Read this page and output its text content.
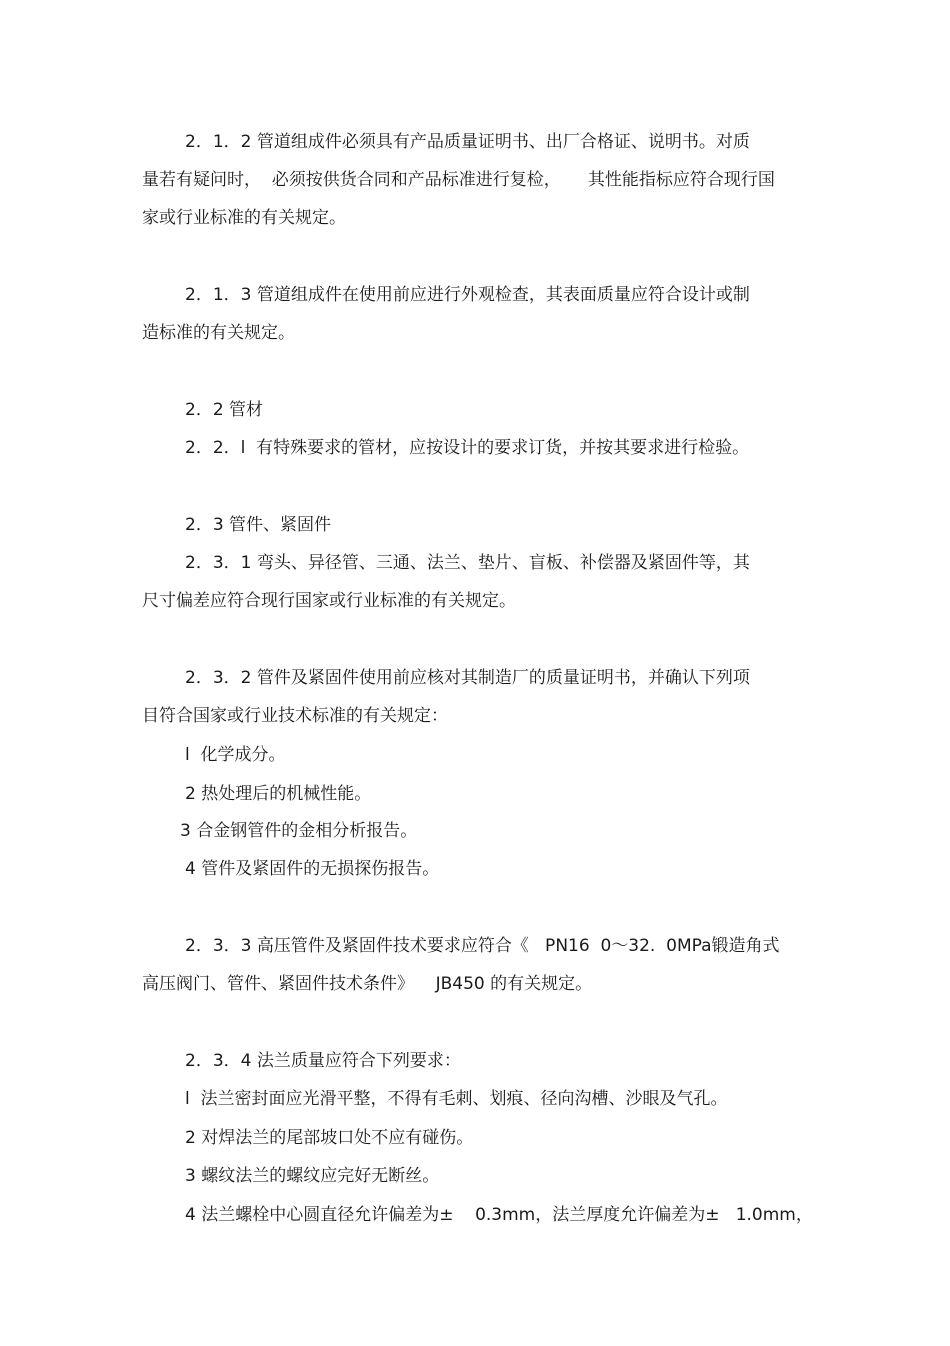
2．1．2 管道组成件必须具有产品质量证明书、出厂合格证、说明书。对质
量若有疑问时，  必须按供货合同和产品标准进行复检，     其性能指标应符合现行国
家或行业标准的有关规定。
2．1．3 管道组成件在使用前应进行外观检查，其表面质量应符合设计或制
造标准的有关规定。
2．2 管材
2．2．l  有特殊要求的管材，应按设计的要求订货，并按其要求进行检验。
2．3 管件、紧固件
2．3．1 弯头、异径管、三通、法兰、垫片、盲板、补偿器及紧固件等，其
尺寸偏差应符合现行国家或行业标准的有关规定。
2．3．2 管件及紧固件使用前应核对其制造厂的质量证明书，并确认下列项
目符合国家或行业技术标准的有关规定：
l  化学成分。
2 热处理后的机械性能。
3 合金钢管件的金相分析报告。
4 管件及紧固件的无损探伤报告。
2．3．3 高压管件及紧固件技术要求应符合《   PN16  0～32.  0MPa锻造角式
高压阀门、管件、紧固件技术条件》    JB450 的有关规定。
2．3．4 法兰质量应符合下列要求：
l  法兰密封面应光滑平整，不得有毛刺、划痕、径向沟槽、沙眼及气孔。
2 对焊法兰的尾部坡口处不应有碰伤。
3 螺纹法兰的螺纹应完好无断丝。
4 法兰螺栓中心圆直径允许偏差为±    0.3mm，法兰厚度允许偏差为±   1.0mm，
